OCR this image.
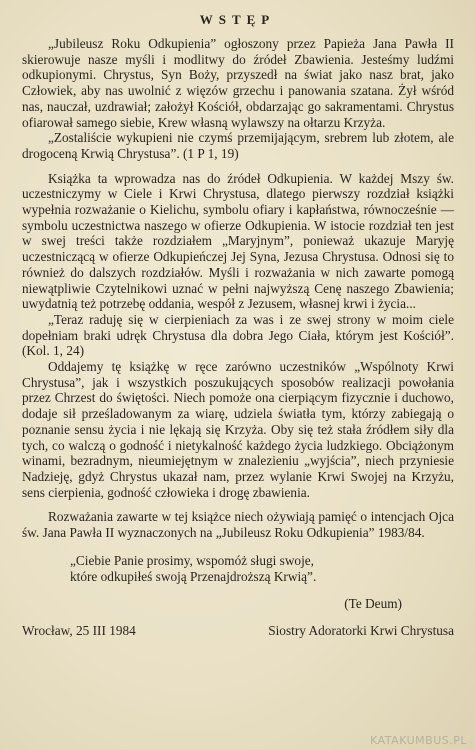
WSTĘP

„Jubileusz Roku Odkupienia” ogłoszony przez Papieża Jana Pawła II skierowuje nasze myśli i modlitwy do źródeł Zbawienia. Jesteśmy ludźmi odkupionymi. Chrystus, Syn Boży, przyszedł na świat jako nasz brat, jako Człowiek, aby nas uwolnić z więzów grzechu i panowania szatana. Żył wśród nas, nauczał, uzdrawiał; założył Kościół, obdarzając go sakramentami. Chrystus ofiarował samego siebie, Krew własną wylawszy na ołtarzu Krzyża.

„Zostaliście wykupieni nie czymś przemijającym, srebrem lub złotem, ale drogoceną Krwią Chrystusa”. (1 P 1, 19)

Książka ta wprowadza nas do źródeł Odkupienia. W każdej Mszy św. uczestniczymy w Ciele i Krwi Chrystusa, dlatego pierwszy rozdział książki wypełnia rozważanie o Kielichu, symbolu ofiary i kapłaństwa, równocześnie — symbolu uczestnictwa naszego w ofierze Odkupienia. W istocie rozdział ten jest w swej treści także rozdziałem „Maryjnym”, ponieważ ukazuje Maryję uczestniczącą w ofierze Odkupieńczej Jej Syna, Jezusa Chrystusa. Odnosi się to również do dalszych rozdziałów. Myśli i rozważania w nich zawarte pomogą niewątpliwie Czytelnikowi uznać w pełni najwyższą Cenę naszego Zbawienia; uwydatnią też potrzebę oddania, wespół z Jezusem, własnej krwi i życia...

„Teraz raduję się w cierpieniach za was i ze swej strony w moim ciele dopełniam braki udręk Chrystusa dla dobra Jego Ciała, którym jest Kościół”. (Kol. 1, 24)

Oddajemy tę książkę w ręce zarówno uczestników „Wspólnoty Krwi Chrystusa”, jak i wszystkich poszukujących sposobów realizacji powołania przez Chrzest do świętości. Niech pomoże ona cierpiącym fizycznie i duchowo, dodaje sił prześladowanym za wiarę, udziela światła tym, którzy zabiegają o poznanie sensu życia i nie lękają się Krzyża. Oby się też stała źródłem siły dla tych, co walczą o godność i nietykalność każdego życia ludzkiego. Obciążonym winami, bezradnym, nieumiejętnym w znalezieniu „wyjścia”, niech przyniesie Nadzieję, gdyż Chrystus ukazał nam, przez wylanie Krwi Swojej na Krzyżu, sens cierpienia, godność człowieka i drogę zbawienia.

Rozważania zawarte w tej książce niech ożywiają pamięć o intencjach Ojca św. Jana Pawła II wyznaczonych na „Jubileusz Roku Odkupienia” 1983/84.

„Ciebie Panie prosimy, wspomóż sługi swoje,
które odkupiłeś swoją Przenajdroższą Krwią”.
(Te Deum)
Wrocław, 25 III 1984	Siostry Adoratorki Krwi Chrystusa
KATAKUMBUS.PL
